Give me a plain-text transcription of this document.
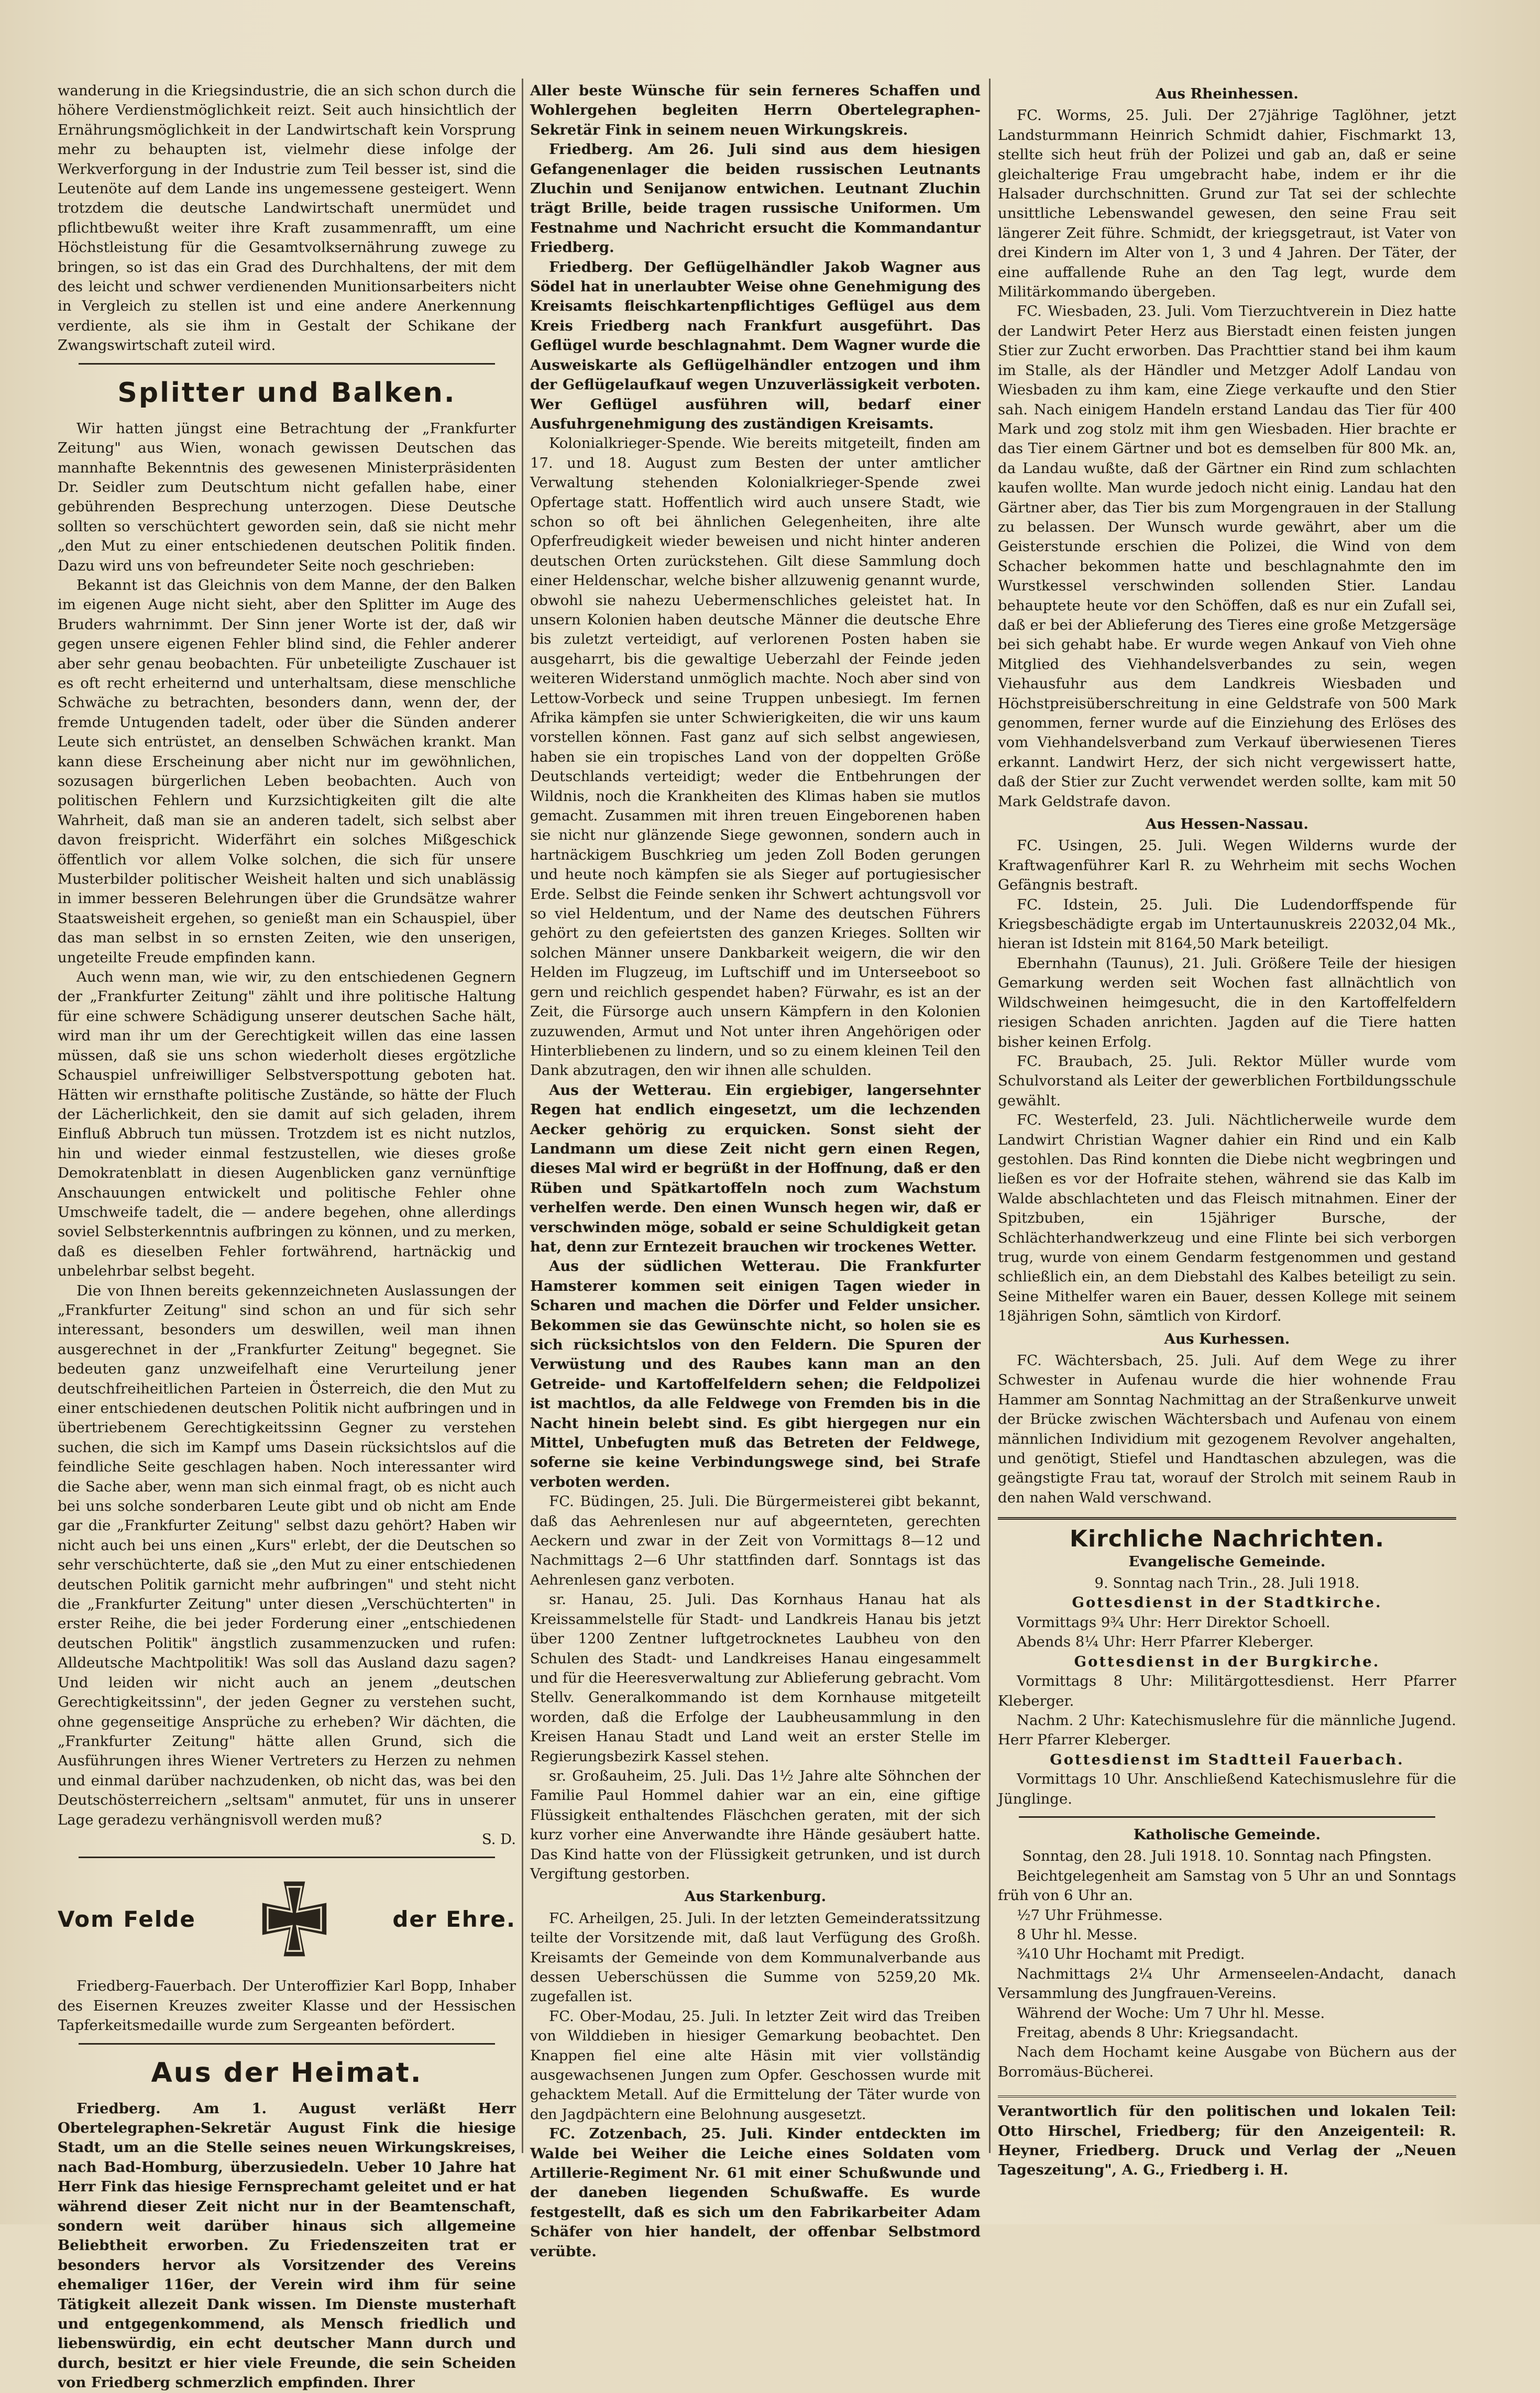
wanderung in die Kriegsindustrie, die an sich schon durch die höhere Verdienstmöglichkeit reizt. Seit auch hinsichtlich der Ernährungsmöglichkeit in der Landwirtschaft kein Vorsprung mehr zu behaupten ist, vielmehr diese infolge der Werkverforgung in der Industrie zum Teil besser ist, sind die Leutenöte auf dem Lande ins ungemessene gesteigert. Wenn trotzdem die deutsche Landwirtschaft unermüdet und pflichtbewußt weiter ihre Kraft zusammenrafft, um eine Höchstleistung für die Gesamtvolksernährung zuwege zu bringen, so ist das ein Grad des Durchhaltens, der mit dem des leicht und schwer verdienenden Munitionsarbeiters nicht in Vergleich zu stellen ist und eine andere Anerkennung verdiente, als sie ihm in Gestalt der Schikane der Zwangswirtschaft zuteil wird.

Splitter und Balken.

Wir hatten jüngst eine Betrachtung der „Frankfurter Zeitung" aus Wien, wonach gewissen Deutschen das mannhafte Bekenntnis des gewesenen Ministerpräsidenten Dr. Seidler zum Deutschtum nicht gefallen habe, einer gebührenden Besprechung unterzogen. Diese Deutsche sollten so verschüchtert geworden sein, daß sie nicht mehr „den Mut zu einer entschiedenen deutschen Politik finden. Dazu wird uns von befreundeter Seite noch geschrieben:

Bekannt ist das Gleichnis von dem Manne, der den Balken im eigenen Auge nicht sieht, aber den Splitter im Auge des Bruders wahrnimmt. Der Sinn jener Worte ist der, daß wir gegen unsere eigenen Fehler blind sind, die Fehler anderer aber sehr genau beobachten. Für unbeteiligte Zuschauer ist es oft recht erheiternd und unterhaltsam, diese menschliche Schwäche zu betrachten, besonders dann, wenn der, der fremde Untugenden tadelt, oder über die Sünden anderer Leute sich entrüstet, an denselben Schwächen krankt. Man kann diese Erscheinung aber nicht nur im gewöhnlichen, sozusagen bürgerlichen Leben beobachten. Auch von politischen Fehlern und Kurzsichtigkeiten gilt die alte Wahrheit, daß man sie an anderen tadelt, sich selbst aber davon freispricht. Widerfährt ein solches Mißgeschick öffentlich vor allem Volke solchen, die sich für unsere Musterbilder politischer Weisheit halten und sich unablässig in immer besseren Belehrungen über die Grundsätze wahrer Staatsweisheit ergehen, so genießt man ein Schauspiel, über das man selbst in so ernsten Zeiten, wie den unserigen, ungeteilte Freude empfinden kann.

Auch wenn man, wie wir, zu den entschiedenen Gegnern der „Frankfurter Zeitung" zählt und ihre politische Haltung für eine schwere Schädigung unserer deutschen Sache hält, wird man ihr um der Gerechtigkeit willen das eine lassen müssen, daß sie uns schon wiederholt dieses ergötzliche Schauspiel unfreiwilliger Selbstverspottung geboten hat. Hätten wir ernsthafte politische Zustände, so hätte der Fluch der Lächerlichkeit, den sie damit auf sich geladen, ihrem Einfluß Abbruch tun müssen. Trotzdem ist es nicht nutzlos, hin und wieder einmal festzustellen, wie dieses große Demokratenblatt in diesen Augenblicken ganz vernünftige Anschauungen entwickelt und politische Fehler ohne Umschweife tadelt, die — andere begehen, ohne allerdings soviel Selbsterkenntnis aufbringen zu können, und zu merken, daß es dieselben Fehler fortwährend, hartnäckig und unbelehrbar selbst begeht.

Die von Ihnen bereits gekennzeichneten Auslassungen der „Frankfurter Zeitung" sind schon an und für sich sehr interessant, besonders um deswillen, weil man ihnen ausgerechnet in der „Frankfurter Zeitung" begegnet. Sie bedeuten ganz unzweifelhaft eine Verurteilung jener deutschfreiheitlichen Parteien in Österreich, die den Mut zu einer entschiedenen deutschen Politik nicht aufbringen und in übertriebenem Gerechtigkeitssinn Gegner zu verstehen suchen, die sich im Kampf ums Dasein rücksichtslos auf die feindliche Seite geschlagen haben. Noch interessanter wird die Sache aber, wenn man sich einmal fragt, ob es nicht auch bei uns solche sonderbaren Leute gibt und ob nicht am Ende gar die „Frankfurter Zeitung" selbst dazu gehört? Haben wir nicht auch bei uns einen „Kurs" erlebt, der die Deutschen so sehr verschüchterte, daß sie „den Mut zu einer entschiedenen deutschen Politik garnicht mehr aufbringen" und steht nicht die „Frankfurter Zeitung" unter diesen „Verschüchterten" in erster Reihe, die bei jeder Forderung einer „entschiedenen deutschen Politik" ängstlich zusammenzucken und rufen: Alldeutsche Machtpolitik! Was soll das Ausland dazu sagen? Und leiden wir nicht auch an jenem „deutschen Gerechtigkeitssinn", der jeden Gegner zu verstehen sucht, ohne gegenseitige Ansprüche zu erheben? Wir dächten, die „Frankfurter Zeitung" hätte allen Grund, sich die Ausführungen ihres Wiener Vertreters zu Herzen zu nehmen und einmal darüber nachzudenken, ob nicht das, was bei den Deutschösterreichern „seltsam" anmutet, für uns in unserer Lage geradezu verhängnisvoll werden muß?

S. D.

Vom Felde	der Ehre.

Friedberg-Fauerbach. Der Unteroffizier Karl Bopp, Inhaber des Eisernen Kreuzes zweiter Klasse und der Hessischen Tapferkeitsmedaille wurde zum Sergeanten befördert.

Aus der Heimat.

Friedberg. Am 1. August verläßt Herr Obertelegraphen-Sekretär August Fink die hiesige Stadt, um an die Stelle seines neuen Wirkungskreises, nach Bad-Homburg, überzusiedeln. Ueber 10 Jahre hat Herr Fink das hiesige Fernsprechamt geleitet und er hat während dieser Zeit nicht nur in der Beamtenschaft, sondern weit darüber hinaus sich allgemeine Beliebtheit erworben. Zu Friedenszeiten trat er besonders hervor als Vorsitzender des Vereins ehemaliger 116er, der Verein wird ihm für seine Tätigkeit allezeit Dank wissen. Im Dienste musterhaft und entgegenkommend, als Mensch friedlich und liebenswürdig, ein echt deutscher Mann durch und durch, besitzt er hier viele Freunde, die sein Scheiden von Friedberg schmerzlich empfinden. Ihrer

Aller beste Wünsche für sein ferneres Schaffen und Wohlergehen begleiten Herrn Obertelegraphen-Sekretär Fink in seinem neuen Wirkungskreis.

Friedberg. Am 26. Juli sind aus dem hiesigen Gefangenenlager die beiden russischen Leutnants Zluchin und Senijanow entwichen. Leutnant Zluchin trägt Brille, beide tragen russische Uniformen. Um Festnahme und Nachricht ersucht die Kommandantur Friedberg.

Friedberg. Der Geflügelhändler Jakob Wagner aus Södel hat in unerlaubter Weise ohne Genehmigung des Kreisamts fleischkartenpflichtiges Geflügel aus dem Kreis Friedberg nach Frankfurt ausgeführt. Das Geflügel wurde beschlagnahmt. Dem Wagner wurde die Ausweiskarte als Geflügelhändler entzogen und ihm der Geflügelaufkauf wegen Unzuverlässigkeit verboten. Wer Geflügel ausführen will, bedarf einer Ausfuhrgenehmigung des zuständigen Kreisamts.

Kolonialkrieger-Spende. Wie bereits mitgeteilt, finden am 17. und 18. August zum Besten der unter amtlicher Verwaltung stehenden Kolonialkrieger-Spende zwei Opfertage statt. Hoffentlich wird auch unsere Stadt, wie schon so oft bei ähnlichen Gelegenheiten, ihre alte Opferfreudigkeit wieder beweisen und nicht hinter anderen deutschen Orten zurückstehen. Gilt diese Sammlung doch einer Heldenschar, welche bisher allzuwenig genannt wurde, obwohl sie nahezu Uebermenschliches geleistet hat. In unsern Kolonien haben deutsche Männer die deutsche Ehre bis zuletzt verteidigt, auf verlorenen Posten haben sie ausgeharrt, bis die gewaltige Ueberzahl der Feinde jeden weiteren Widerstand unmöglich machte. Noch aber sind von Lettow-Vorbeck und seine Truppen unbesiegt. Im fernen Afrika kämpfen sie unter Schwierigkeiten, die wir uns kaum vorstellen können. Fast ganz auf sich selbst angewiesen, haben sie ein tropisches Land von der doppelten Größe Deutschlands verteidigt; weder die Entbehrungen der Wildnis, noch die Krankheiten des Klimas haben sie mutlos gemacht. Zusammen mit ihren treuen Eingeborenen haben sie nicht nur glänzende Siege gewonnen, sondern auch in hartnäckigem Buschkrieg um jeden Zoll Boden gerungen und heute noch kämpfen sie als Sieger auf portugiesischer Erde. Selbst die Feinde senken ihr Schwert achtungsvoll vor so viel Heldentum, und der Name des deutschen Führers gehört zu den gefeiertsten des ganzen Krieges. Sollten wir solchen Männer unsere Dankbarkeit weigern, die wir den Helden im Flugzeug, im Luftschiff und im Unterseeboot so gern und reichlich gespendet haben? Fürwahr, es ist an der Zeit, die Fürsorge auch unsern Kämpfern in den Kolonien zuzuwenden, Armut und Not unter ihren Angehörigen oder Hinterbliebenen zu lindern, und so zu einem kleinen Teil den Dank abzutragen, den wir ihnen alle schulden.

Aus der Wetterau. Ein ergiebiger, langersehnter Regen hat endlich eingesetzt, um die lechzenden Aecker gehörig zu erquicken. Sonst sieht der Landmann um diese Zeit nicht gern einen Regen, dieses Mal wird er begrüßt in der Hoffnung, daß er den Rüben und Spätkartoffeln noch zum Wachstum verhelfen werde. Den einen Wunsch hegen wir, daß er verschwinden möge, sobald er seine Schuldigkeit getan hat, denn zur Erntezeit brauchen wir trockenes Wetter.

Aus der südlichen Wetterau. Die Frankfurter Hamsterer kommen seit einigen Tagen wieder in Scharen und machen die Dörfer und Felder unsicher. Bekommen sie das Gewünschte nicht, so holen sie es sich rücksichtslos von den Feldern. Die Spuren der Verwüstung und des Raubes kann man an den Getreide- und Kartoffelfeldern sehen; die Feldpolizei ist machtlos, da alle Feldwege von Fremden bis in die Nacht hinein belebt sind. Es gibt hiergegen nur ein Mittel, Unbefugten muß das Betreten der Feldwege, soferne sie keine Verbindungswege sind, bei Strafe verboten werden.

FC. Büdingen, 25. Juli. Die Bürgermeisterei gibt bekannt, daß das Aehrenlesen nur auf abgeernteten, gerechten Aeckern und zwar in der Zeit von Vormittags 8—12 und Nachmittags 2—6 Uhr stattfinden darf. Sonntags ist das Aehrenlesen ganz verboten.

sr. Hanau, 25. Juli. Das Kornhaus Hanau hat als Kreissammelstelle für Stadt- und Landkreis Hanau bis jetzt über 1200 Zentner luftgetrocknetes Laubheu von den Schulen des Stadt- und Landkreises Hanau eingesammelt und für die Heeresverwaltung zur Ablieferung gebracht. Vom Stellv. Generalkommando ist dem Kornhause mitgeteilt worden, daß die Erfolge der Laubheusammlung in den Kreisen Hanau Stadt und Land weit an erster Stelle im Regierungsbezirk Kassel stehen.

sr. Großauheim, 25. Juli. Das 1½ Jahre alte Söhnchen der Familie Paul Hommel dahier war an ein, eine giftige Flüssigkeit enthaltendes Fläschchen geraten, mit der sich kurz vorher eine Anverwandte ihre Hände gesäubert hatte. Das Kind hatte von der Flüssigkeit getrunken, und ist durch Vergiftung gestorben.

Aus Starkenburg.

FC. Arheilgen, 25. Juli. In der letzten Gemeinderatssitzung teilte der Vorsitzende mit, daß laut Verfügung des Großh. Kreisamts der Gemeinde von dem Kommunalverbande aus dessen Ueberschüssen die Summe von 5259,20 Mk. zugefallen ist.

FC. Ober-Modau, 25. Juli. In letzter Zeit wird das Treiben von Wilddieben in hiesiger Gemarkung beobachtet. Den Knappen fiel eine alte Häsin mit vier vollständig ausgewachsenen Jungen zum Opfer. Geschossen wurde mit gehacktem Metall. Auf die Ermittelung der Täter wurde von den Jagdpächtern eine Belohnung ausgesetzt.

FC. Zotzenbach, 25. Juli. Kinder entdeckten im Walde bei Weiher die Leiche eines Soldaten vom Artillerie-Regiment Nr. 61 mit einer Schußwunde und der daneben liegenden Schußwaffe. Es wurde festgestellt, daß es sich um den Fabrikarbeiter Adam Schäfer von hier handelt, der offenbar Selbstmord verübte.

Aus Rheinhessen.

FC. Worms, 25. Juli. Der 27jährige Taglöhner, jetzt Landsturmmann Heinrich Schmidt dahier, Fischmarkt 13, stellte sich heut früh der Polizei und gab an, daß er seine gleichalterige Frau umgebracht habe, indem er ihr die Halsader durchschnitten. Grund zur Tat sei der schlechte unsittliche Lebenswandel gewesen, den seine Frau seit längerer Zeit führe. Schmidt, der kriegsgetraut, ist Vater von drei Kindern im Alter von 1, 3 und 4 Jahren. Der Täter, der eine auffallende Ruhe an den Tag legt, wurde dem Militärkommando übergeben.

FC. Wiesbaden, 23. Juli. Vom Tierzuchtverein in Diez hatte der Landwirt Peter Herz aus Bierstadt einen feisten jungen Stier zur Zucht erworben. Das Prachttier stand bei ihm kaum im Stalle, als der Händler und Metzger Adolf Landau von Wiesbaden zu ihm kam, eine Ziege verkaufte und den Stier sah. Nach einigem Handeln erstand Landau das Tier für 400 Mark und zog stolz mit ihm gen Wiesbaden. Hier brachte er das Tier einem Gärtner und bot es demselben für 800 Mk. an, da Landau wußte, daß der Gärtner ein Rind zum schlachten kaufen wollte. Man wurde jedoch nicht einig. Landau hat den Gärtner aber, das Tier bis zum Morgengrauen in der Stallung zu belassen. Der Wunsch wurde gewährt, aber um die Geisterstunde erschien die Polizei, die Wind von dem Schacher bekommen hatte und beschlagnahmte den im Wurstkessel verschwinden sollenden Stier. Landau behauptete heute vor den Schöffen, daß es nur ein Zufall sei, daß er bei der Ablieferung des Tieres eine große Metzgersäge bei sich gehabt habe. Er wurde wegen Ankauf von Vieh ohne Mitglied des Viehhandelsverbandes zu sein, wegen Viehausfuhr aus dem Landkreis Wiesbaden und Höchstpreisüberschreitung in eine Geldstrafe von 500 Mark genommen, ferner wurde auf die Einziehung des Erlöses des vom Viehhandelsverband zum Verkauf überwiesenen Tieres erkannt. Landwirt Herz, der sich nicht vergewissert hatte, daß der Stier zur Zucht verwendet werden sollte, kam mit 50 Mark Geldstrafe davon.

Aus Hessen-Nassau.

FC. Usingen, 25. Juli. Wegen Wilderns wurde der Kraftwagenführer Karl R. zu Wehrheim mit sechs Wochen Gefängnis bestraft.

FC. Idstein, 25. Juli. Die Ludendorffspende für Kriegsbeschädigte ergab im Untertaunuskreis 22032,04 Mk., hieran ist Idstein mit 8164,50 Mark beteiligt.

Ebernhahn (Taunus), 21. Juli. Größere Teile der hiesigen Gemarkung werden seit Wochen fast allnächtlich von Wildschweinen heimgesucht, die in den Kartoffelfeldern riesigen Schaden anrichten. Jagden auf die Tiere hatten bisher keinen Erfolg.

FC. Braubach, 25. Juli. Rektor Müller wurde vom Schulvorstand als Leiter der gewerblichen Fortbildungsschule gewählt.

FC. Westerfeld, 23. Juli. Nächtlicherweile wurde dem Landwirt Christian Wagner dahier ein Rind und ein Kalb gestohlen. Das Rind konnten die Diebe nicht wegbringen und ließen es vor der Hofraite stehen, während sie das Kalb im Walde abschlachteten und das Fleisch mitnahmen. Einer der Spitzbuben, ein 15jähriger Bursche, der Schlächterhandwerkzeug und eine Flinte bei sich verborgen trug, wurde von einem Gendarm festgenommen und gestand schließlich ein, an dem Diebstahl des Kalbes beteiligt zu sein. Seine Mithelfer waren ein Bauer, dessen Kollege mit seinem 18jährigen Sohn, sämtlich von Kirdorf.

Aus Kurhessen.

FC. Wächtersbach, 25. Juli. Auf dem Wege zu ihrer Schwester in Aufenau wurde die hier wohnende Frau Hammer am Sonntag Nachmittag an der Straßenkurve unweit der Brücke zwischen Wächtersbach und Aufenau von einem männlichen Individium mit gezogenem Revolver angehalten, und genötigt, Stiefel und Handtaschen abzulegen, was die geängstigte Frau tat, worauf der Strolch mit seinem Raub in den nahen Wald verschwand.

Kirchliche Nachrichten.
Evangelische Gemeinde.

9. Sonntag nach Trin., 28. Juli 1918.

Gottesdienst in der Stadtkirche.

Vormittags 9¾ Uhr: Herr Direktor Schoell.

Abends 8¼ Uhr: Herr Pfarrer Kleberger.

Gottesdienst in der Burgkirche.

Vormittags 8 Uhr: Militärgottesdienst. Herr Pfarrer Kleberger.

Nachm. 2 Uhr: Katechismuslehre für die männliche Jugend. Herr Pfarrer Kleberger.

Gottesdienst im Stadtteil Fauerbach.

Vormittags 10 Uhr. Anschließend Katechismuslehre für die Jünglinge.

Katholische Gemeinde.

Sonntag, den 28. Juli 1918. 10. Sonntag nach Pfingsten.

Beichtgelegenheit am Samstag von 5 Uhr an und Sonntags früh von 6 Uhr an.

½7 Uhr Frühmesse.

8 Uhr hl. Messe.

¾10 Uhr Hochamt mit Predigt.

Nachmittags 2¼ Uhr Armenseelen-Andacht, danach Versammlung des Jungfrauen-Vereins.

Während der Woche: Um 7 Uhr hl. Messe.

Freitag, abends 8 Uhr: Kriegsandacht.

Nach dem Hochamt keine Ausgabe von Büchern aus der Borromäus-Bücherei.

Verantwortlich für den politischen und lokalen Teil: Otto Hirschel, Friedberg; für den Anzeigenteil: R. Heyner, Friedberg. Druck und Verlag der „Neuen Tageszeitung", A. G., Friedberg i. H.
